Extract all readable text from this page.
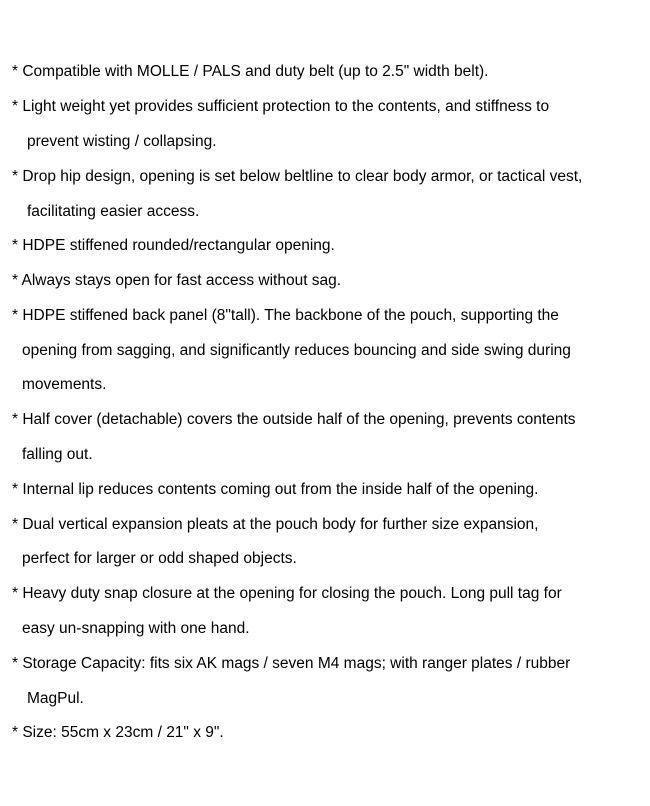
* Compatible with MOLLE / PALS and duty belt (up to 2.5" width belt).
* Light weight yet provides sufficient protection to the contents, and stiffness to
prevent wisting / collapsing.
* Drop hip design, opening is set below beltline to clear body armor, or tactical vest,
facilitating easier access.
* HDPE stiffened rounded/rectangular opening.
* Always stays open for fast access without sag.
* HDPE stiffened back panel (8"tall). The backbone of the pouch, supporting the
opening from sagging, and significantly reduces bouncing and side swing during
movements.
* Half cover (detachable) covers the outside half of the opening, prevents contents
falling out.
* Internal lip reduces contents coming out from the inside half of the opening.
* Dual vertical expansion pleats at the pouch body for further size expansion,
perfect for larger or odd shaped objects.
* Heavy duty snap closure at the opening for closing the pouch. Long pull tag for
easy un-snapping with one hand.
* Storage Capacity: fits six AK mags / seven M4 mags; with ranger plates / rubber
MagPul.
* Size: 55cm x 23cm / 21" x 9".
